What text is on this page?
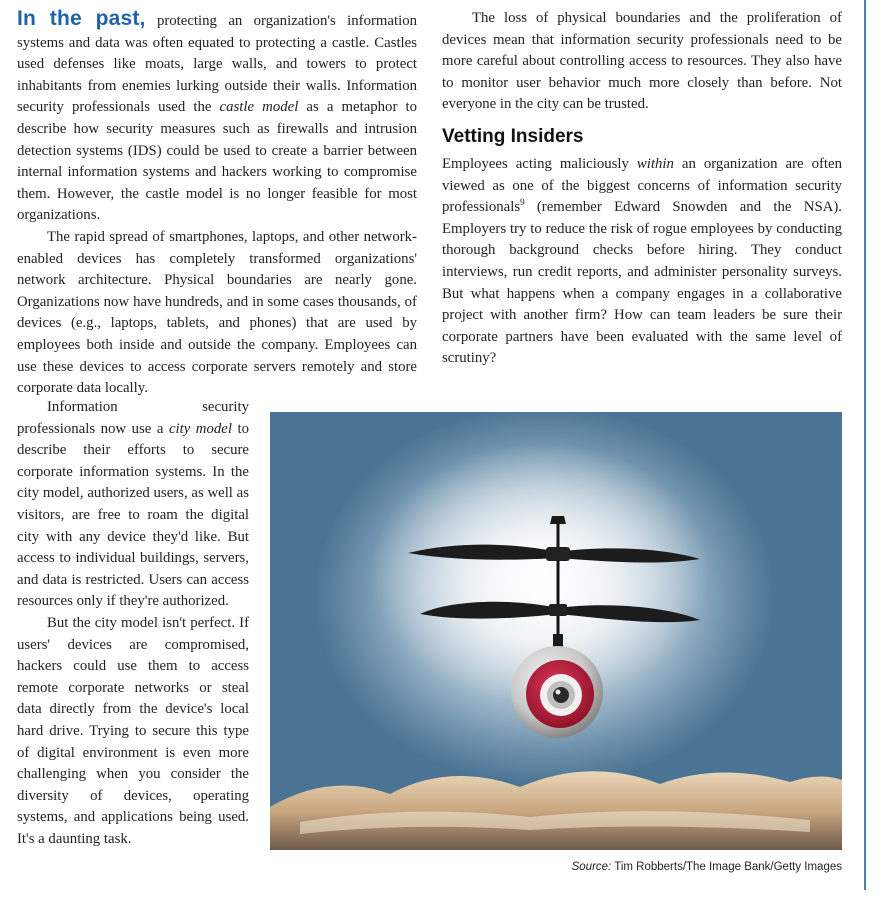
In the past, protecting an organization's information systems and data was often equated to protecting a castle. Castles used defenses like moats, large walls, and towers to protect inhabitants from enemies lurking outside their walls. Information security professionals used the castle model as a metaphor to describe how security measures such as firewalls and intrusion detection systems (IDS) could be used to create a barrier between internal information systems and hackers working to compromise them. However, the castle model is no longer feasible for most organizations.

The rapid spread of smartphones, laptops, and other network-enabled devices has completely transformed organizations' network architecture. Physical boundaries are nearly gone. Organizations now have hundreds, and in some cases thousands, of devices (e.g., laptops, tablets, and phones) that are used by employees both inside and outside the company. Employees can use these devices to access corporate servers remotely and store corporate data locally.

Information security professionals now use a city model to describe their efforts to secure corporate information systems. In the city model, authorized users, as well as visitors, are free to roam the digital city with any device they'd like. But access to individual buildings, servers, and data is restricted. Users can access resources only if they're authorized.

But the city model isn't perfect. If users' devices are compromised, hackers could use them to access remote corporate networks or steal data directly from the device's local hard drive. Trying to secure this type of digital environment is even more challenging when you consider the diversity of devices, operating systems, and applications being used. It's a daunting task.

The loss of physical boundaries and the proliferation of devices mean that information security professionals need to be more careful about controlling access to resources. They also have to monitor user behavior much more closely than before. Not everyone in the city can be trusted.

Vetting Insiders

Employees acting maliciously within an organization are often viewed as one of the biggest concerns of information security professionals$^9$ (remember Edward Snowden and the NSA). Employers try to reduce the risk of rogue employees by conducting thorough background checks before hiring. They conduct interviews, run credit reports, and administer personality surveys. But what happens when a company engages in a collaborative project with another firm? How can team leaders be sure their corporate partners have been evaluated with the same level of scrutiny?

Source: Tim Robberts/The Image Bank/Getty Images
